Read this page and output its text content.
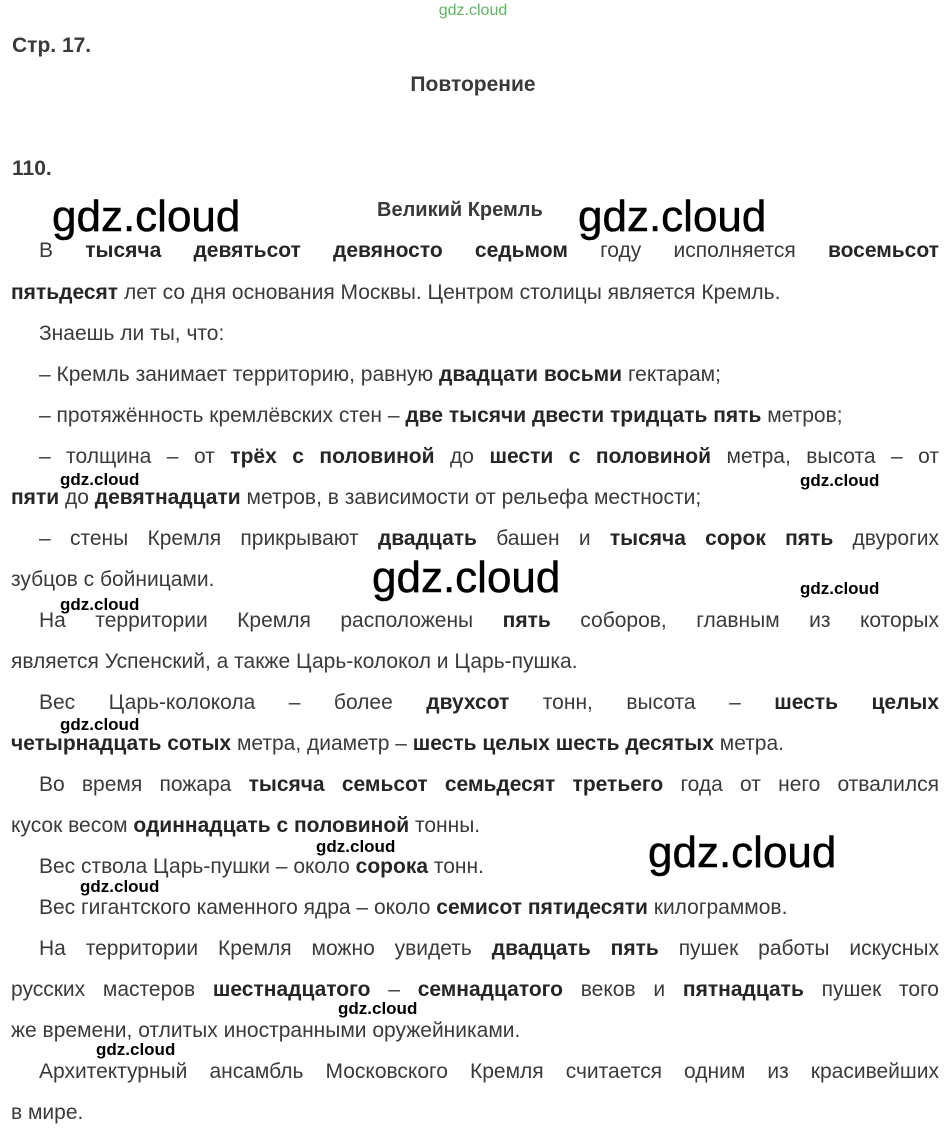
gdz.cloud
Стр. 17.
Повторение
110.
Великий Кремль
В тысяча девятьсот девяносто седьмом году исполняется восемьсот
пятьдесят лет со дня основания Москвы. Центром столицы является Кремль.
Знаешь ли ты, что:
– Кремль занимает территорию, равную двадцати восьми гектарам;
– протяжённость кремлёвских стен – две тысячи двести тридцать пять метров;
– толщина – от трёх с половиной до шести с половиной метра, высота – от
пяти до девятнадцати метров, в зависимости от рельефа местности;
– стены Кремля прикрывают двадцать башен и тысяча сорок пять двурогих
зубцов с бойницами.
На территории Кремля расположены пять соборов, главным из которых
является Успенский, а также Царь-колокол и Царь-пушка.
Вес Царь-колокола – более двухсот тонн, высота – шесть целых
четырнадцать сотых метра, диаметр – шесть целых шесть десятых метра.
Во время пожара тысяча семьсот семьдесят третьего года от него отвалился
кусок весом одиннадцать с половиной тонны.
Вес ствола Царь-пушки – около сорока тонн.
Вес гигантского каменного ядра – около семисот пятидесяти килограммов.
На территории Кремля можно увидеть двадцать пять пушек работы искусных
русских мастеров шестнадцатого – семнадцатого веков и пятнадцать пушек того
же времени, отлитых иностранными оружейниками.
Архитектурный ансамбль Московского Кремля считается одним из красивейших
в мире.
gdz.cloud	gdz.cloud
gdz.cloud
gdz.cloud
gdz.cloud	gdz.cloud
gdz.cloud
gdz.cloud
gdz.cloud
gdz.cloud
gdz.cloud
gdz.cloud
gdz.cloud
